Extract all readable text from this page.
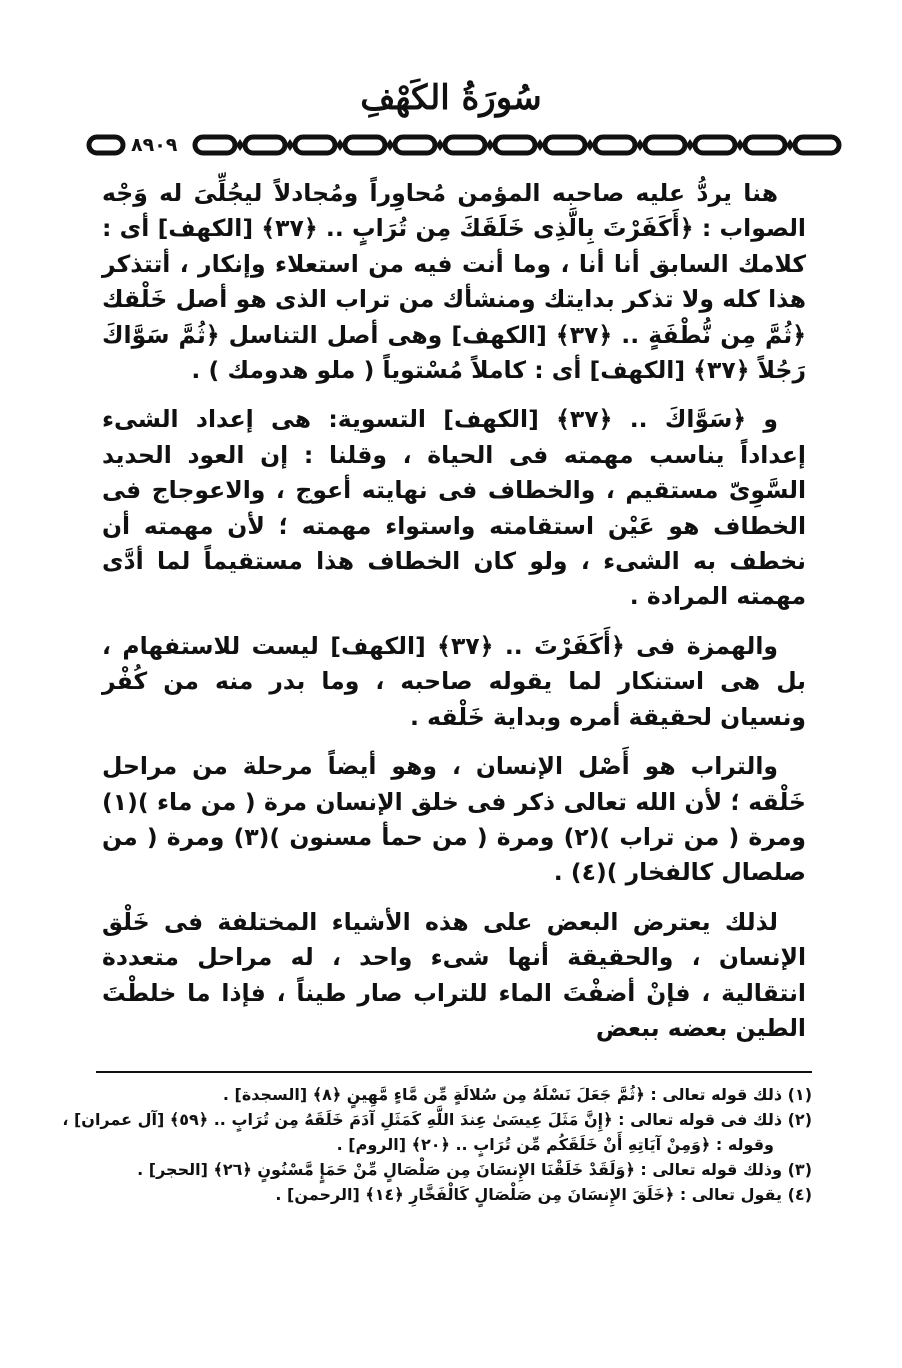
سُورَةُ الكَهْفِ
٨٩٠٩

هنا يردُّ عليه صاحبه المؤمن مُحاوِراً ومُجادلاً ليجُلِّىَ له وَجْه الصواب : ﴿أَكَفَرْتَ بِالَّذِى خَلَقَكَ مِن تُرَابٍ .. ﴿٣٧﴾ [الكهف] أى : كلامك السابق أنا أنا ، وما أنت فيه من استعلاء وإنكار ، أتتذكر هذا كله ولا تذكر بدايتك ومنشأك من تراب الذى هو أصل خَلْقك ﴿ثُمَّ مِن نُّطْفَةٍ .. ﴿٣٧﴾ [الكهف] وهى أصل التناسل ﴿ثُمَّ سَوَّاكَ رَجُلاً ﴿٣٧﴾ [الكهف] أى : كاملاً مُسْتوياً ( ملو هدومك ) .

و ﴿سَوَّاكَ .. ﴿٣٧﴾ [الكهف] التسوية: هى إعداد الشىء إعداداً يناسب مهمته فى الحياة ، وقلنا : إن العود الحديد السَّوِىّ مستقيم ، والخطاف فى نهايته أعوج ، والاعوجاج فى الخطاف هو عَيْن استقامته واستواء مهمته ؛ لأن مهمته أن نخطف به الشىء ، ولو كان الخطاف هذا مستقيماً لما أدَّى مهمته المرادة .

والهمزة فى ﴿أَكَفَرْتَ .. ﴿٣٧﴾ [الكهف] ليست للاستفهام ، بل هى استنكار لما يقوله صاحبه ، وما بدر منه من كُفْر ونسيان لحقيقة أمره وبداية خَلْقه .

والتراب هو أَصْل الإنسان ، وهو أيضاً مرحلة من مراحل خَلْقه ؛ لأن الله تعالى ذكر فى خلق الإنسان مرة ( من ماء )(١) ومرة ( من تراب )(٢) ومرة ( من حمأ مسنون )(٣) ومرة ( من صلصال كالفخار )(٤) .

لذلك يعترض البعض على هذه الأشياء المختلفة فى خَلْق الإنسان ، والحقيقة أنها شىء واحد ، له مراحل متعددة انتقالية ، فإنْ أضفْتَ الماء للتراب صار طيناً ، فإذا ما خلطْتَ الطين بعضه ببعض

(١) ذلك قوله تعالى : ﴿ثُمَّ جَعَلَ نَسْلَهُ مِن سُلالَةٍ مِّن مَّاءٍ مَّهِينٍ ﴿٨﴾ [السجدة] .

(٢) ذلك فى قوله تعالى : ﴿إِنَّ مَثَلَ عِيسَىٰ عِندَ اللَّهِ كَمَثَلِ آدَمَ خَلَقَهُ مِن تُرَابٍ .. ﴿٥٩﴾ [آل عمران] ،

وقوله : ﴿وَمِنْ آيَاتِهِ أَنْ خَلَقَكُم مِّن تُرَابٍ .. ﴿٢٠﴾ [الروم] .

(٣) وذلك قوله تعالى : ﴿وَلَقَدْ خَلَقْنَا الإِنسَانَ مِن صَلْصَالٍ مِّنْ حَمَإٍ مَّسْنُونٍ ﴿٢٦﴾ [الحجر] .

(٤) يقول تعالى : ﴿خَلَقَ الإِنسَانَ مِن صَلْصَالٍ كَالْفَخَّارِ ﴿١٤﴾ [الرحمن] .
